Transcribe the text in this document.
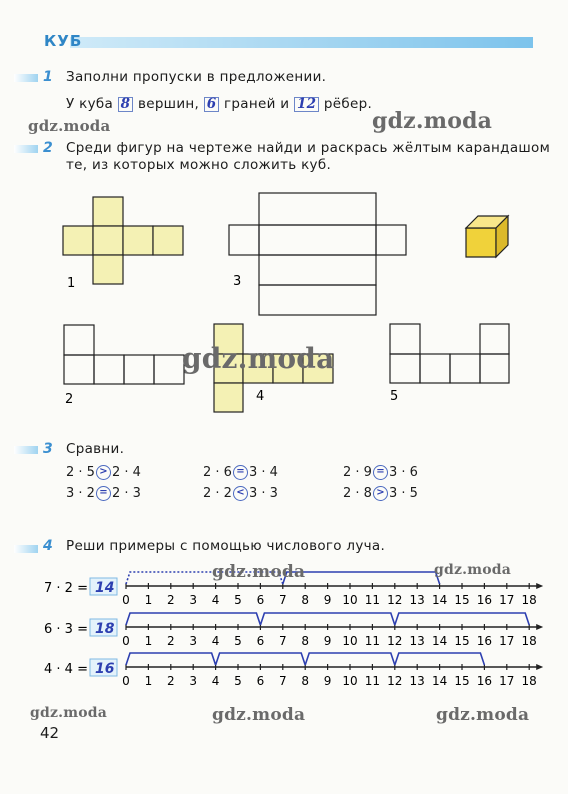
КУБ
1 Заполни пропуски в предложении.
У куба 8 вершин, 6 граней и 12 рёбер.
gdz.moda	gdz.moda
2 Среди фигур на чертеже найди и раскрась жёлтым карандашом
те, из которых можно сложить куб.
1	3
2	4	5
gdz.moda
3 Сравни.
2 · 5 > 2 · 4	2 · 6 = 3 · 4	2 · 9 = 3 · 6
3 · 2 = 2 · 3	2 · 2 < 3 · 3	2 · 8 > 3 · 5
4 Реши примеры с помощью числового луча.
7 · 2 = 14
0 1 2 3 4 5 6 7 8 9 10 11 12 13 14 15 16 17 18
6 · 3 = 18
0 1 2 3 4 5 6 7 8 9 10 11 12 13 14 15 16 17 18
4 · 4 = 16
0 1 2 3 4 5 6 7 8 9 10 11 12 13 14 15 16 17 18
gdz.moda	gdz.moda
gdz.moda	gdz.moda	gdz.moda
42
